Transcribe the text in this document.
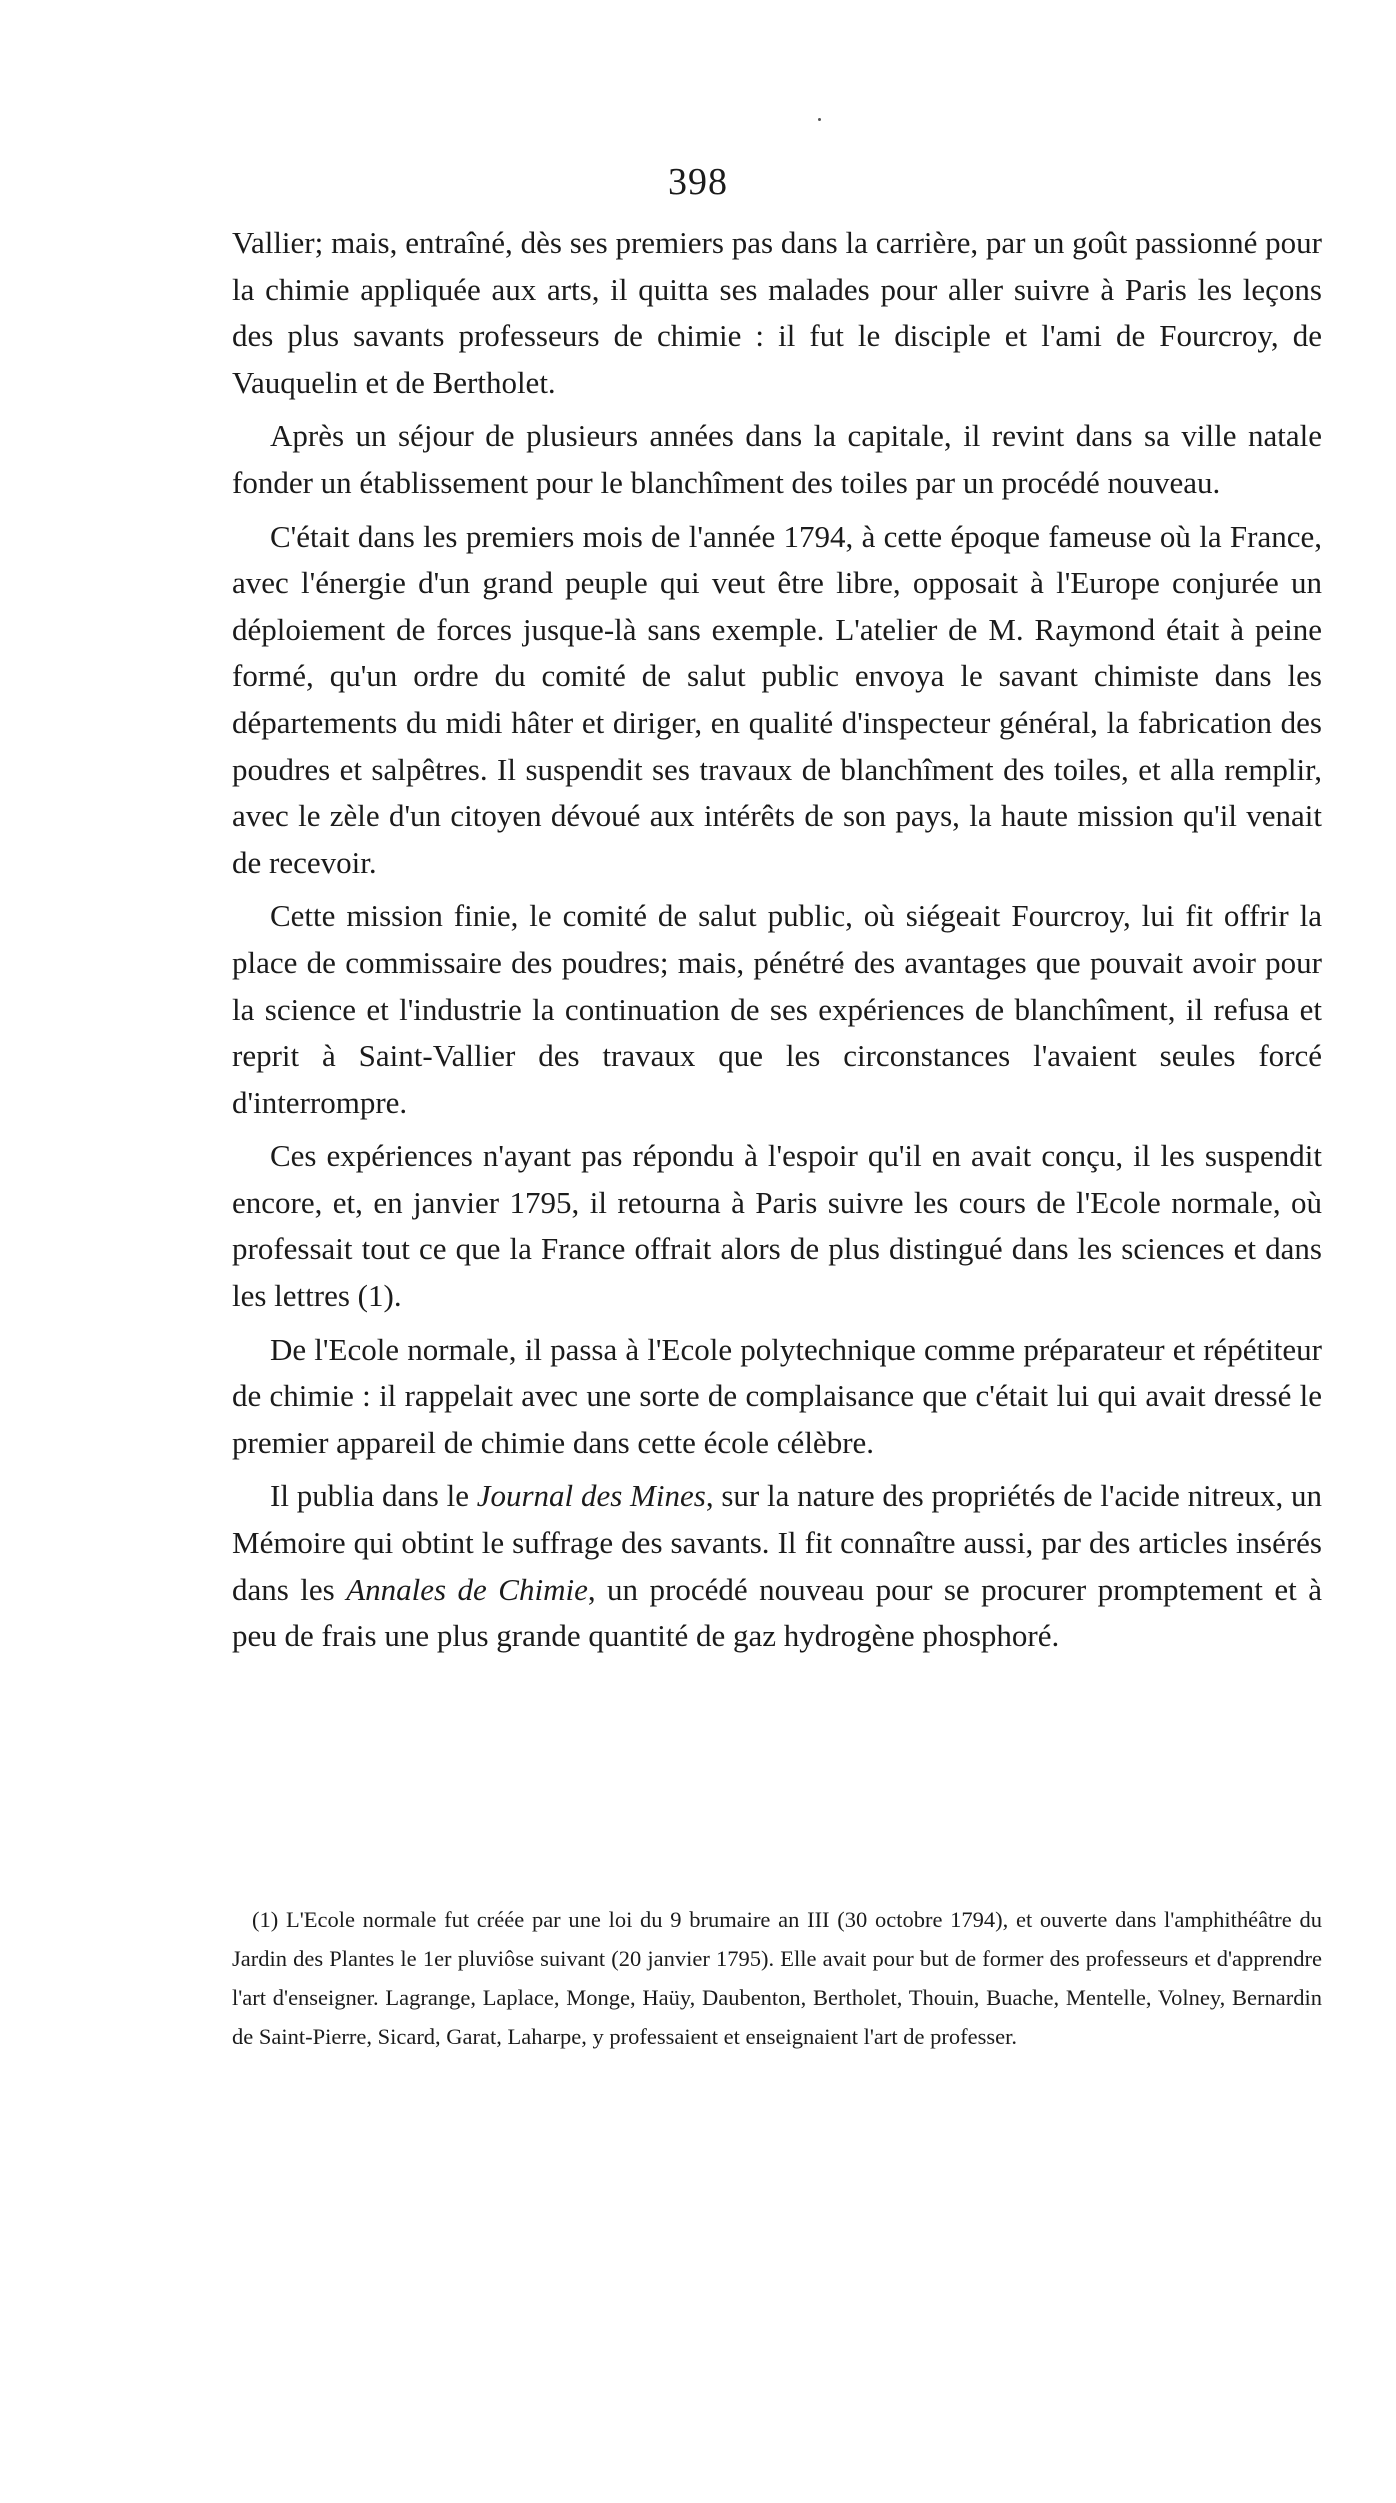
398

Vallier; mais, entraîné, dès ses premiers pas dans la carrière, par un goût passionné pour la chimie appliquée aux arts, il quitta ses malades pour aller suivre à Paris les leçons des plus savants professeurs de chimie : il fut le disciple et l'ami de Fourcroy, de Vauquelin et de Bertholet.

Après un séjour de plusieurs années dans la capitale, il revint dans sa ville natale fonder un établissement pour le blanchîment des toiles par un procédé nouveau.

C'était dans les premiers mois de l'année 1794, à cette époque fameuse où la France, avec l'énergie d'un grand peuple qui veut être libre, opposait à l'Europe conjurée un déploiement de forces jusque-là sans exemple. L'atelier de M. Raymond était à peine formé, qu'un ordre du comité de salut public envoya le savant chimiste dans les départements du midi hâter et diriger, en qualité d'inspecteur général, la fabrication des poudres et salpêtres. Il suspendit ses travaux de blanchîment des toiles, et alla remplir, avec le zèle d'un citoyen dévoué aux intérêts de son pays, la haute mission qu'il venait de recevoir.

Cette mission finie, le comité de salut public, où siégeait Fourcroy, lui fit offrir la place de commissaire des poudres; mais, pénétré des avantages que pouvait avoir pour la science et l'industrie la continuation de ses expériences de blanchîment, il refusa et reprit à Saint-Vallier des travaux que les circonstances l'avaient seules forcé d'interrompre.

Ces expériences n'ayant pas répondu à l'espoir qu'il en avait conçu, il les suspendit encore, et, en janvier 1795, il retourna à Paris suivre les cours de l'Ecole normale, où professait tout ce que la France offrait alors de plus distingué dans les sciences et dans les lettres (1).

De l'Ecole normale, il passa à l'Ecole polytechnique comme préparateur et répétiteur de chimie : il rappelait avec une sorte de complaisance que c'était lui qui avait dressé le premier appareil de chimie dans cette école célèbre.

Il publia dans le Journal des Mines, sur la nature des propriétés de l'acide nitreux, un Mémoire qui obtint le suffrage des savants. Il fit connaître aussi, par des articles insérés dans les Annales de Chimie, un procédé nouveau pour se procurer promptement et à peu de frais une plus grande quantité de gaz hydrogène phosphoré.

(1) L'Ecole normale fut créée par une loi du 9 brumaire an III (30 octobre 1794), et ouverte dans l'amphithéâtre du Jardin des Plantes le 1er pluviôse suivant (20 janvier 1795). Elle avait pour but de former des professeurs et d'apprendre l'art d'enseigner. Lagrange, Laplace, Monge, Haüy, Daubenton, Bertholet, Thouin, Buache, Mentelle, Volney, Bernardin de Saint-Pierre, Sicard, Garat, Laharpe, y professaient et enseignaient l'art de professer.
